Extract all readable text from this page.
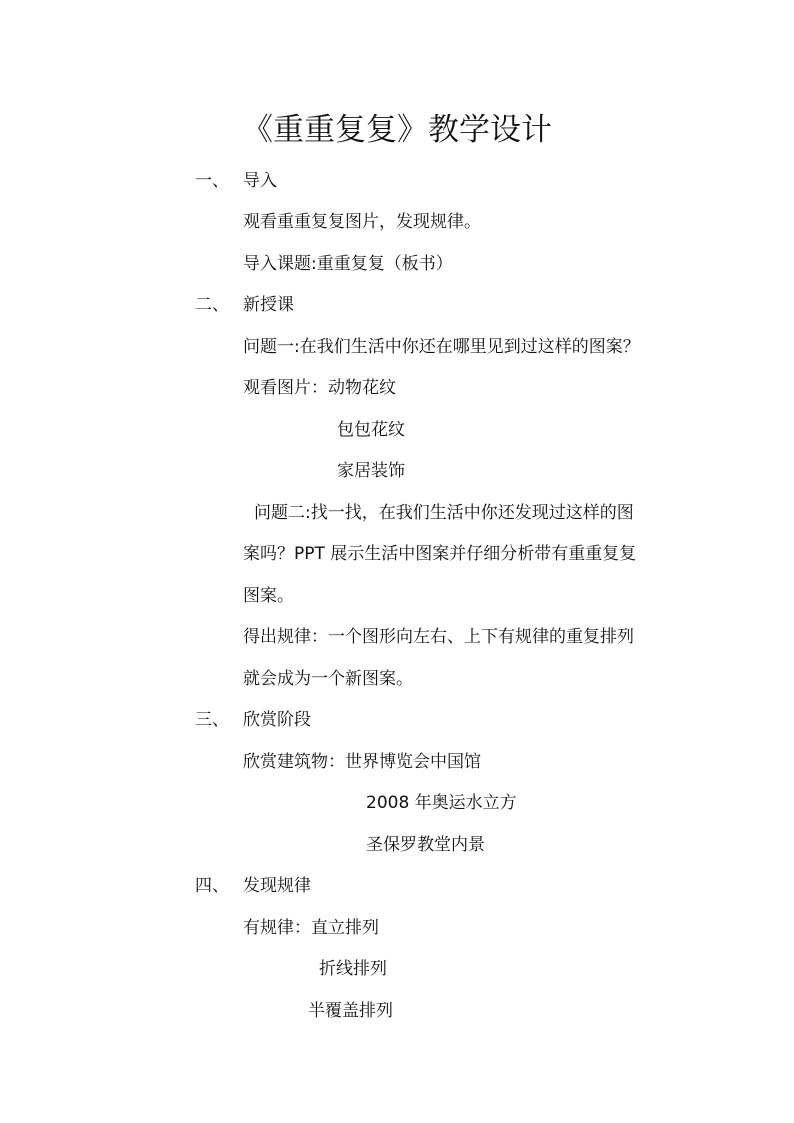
《重重复复》教学设计
一、 导入
观看重重复复图片，发现规律。
导入课题:重重复复（板书）
二、 新授课
问题一:在我们生活中你还在哪里见到过这样的图案？
观看图片：动物花纹
包包花纹
家居装饰
问题二:找一找，在我们生活中你还发现过这样的图
案吗？PPT 展示生活中图案并仔细分析带有重重复复
图案。
得出规律：一个图形向左右、上下有规律的重复排列
就会成为一个新图案。
三、 欣赏阶段
欣赏建筑物：世界博览会中国馆
2008 年奥运水立方
圣保罗教堂内景
四、 发现规律
有规律：直立排列
折线排列
半覆盖排列
